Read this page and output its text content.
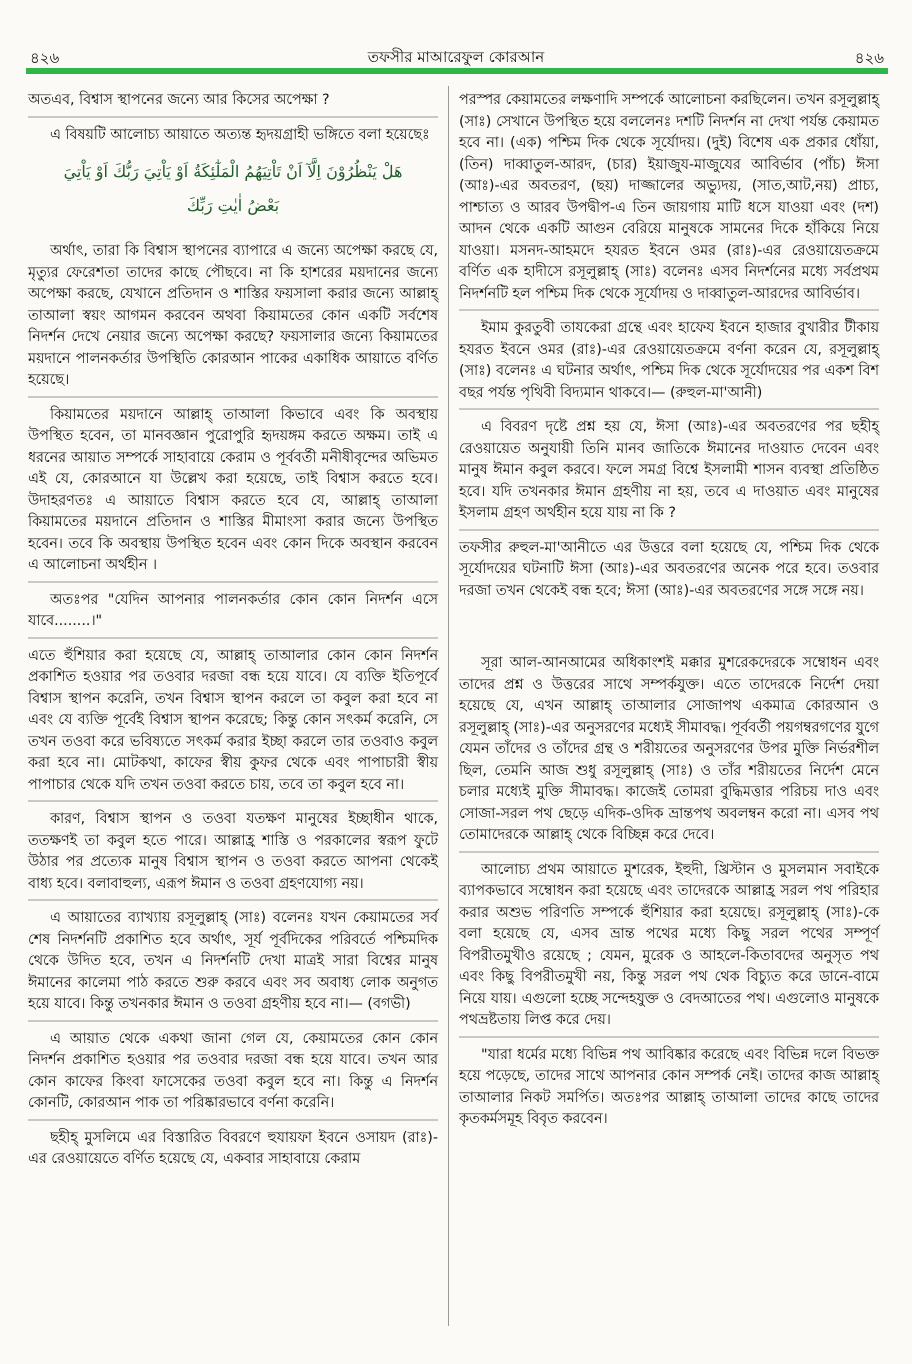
৪২৬	তফসীর মাআরেফুল কোরআন	৪২৬

অতএব, বিশ্বাস স্থাপনের জন্যে আর কিসের অপেক্ষা ?

এ বিষয়টি আলোচ্য আয়াতে অত্যন্ত হৃদয়গ্রাহী ভঙ্গিতে বলা হয়েছেঃ

هَلْ يَنْظُرُوْنَ اِلَّآ اَنْ تَاْتِيَهُمُ الْمَلٰٓئِكَةُ اَوْ يَاْتِيَ رَبُّكَ اَوْ يَاْتِيَ
بَعْضُ اٰيٰتِ رَبِّكَ

অর্থাৎ, তারা কি বিশ্বাস স্থাপনের ব্যাপারে এ জন্যে অপেক্ষা করছে যে, মৃত্যুর ফেরেশতা তাদের কাছে পৌছবে। না কি হাশরের ময়দানের জন্যে অপেক্ষা করছে, যেখানে প্রতিদান ও শাস্তির ফয়সালা করার জন্যে আল্লাহ্ তাআলা স্বয়ং আগমন করবেন অথবা কিয়ামতের কোন একটি সর্বশেষ নিদর্শন দেখে নেয়ার জন্যে অপেক্ষা করছে? ফয়সালার জন্যে কিয়ামতের ময়দানে পালনকর্তার উপস্থিতি কোরআন পাকের একাধিক আয়াতে বর্ণিত হয়েছে।

কিয়ামতের ময়দানে আল্লাহ্ তাআলা কিভাবে এবং কি অবস্থায় উপস্থিত হবেন, তা মানবজ্ঞান পুরোপুরি হৃদয়ঙ্গম করতে অক্ষম। তাই এ ধরনের আয়াত সম্পর্কে সাহাবায়ে কেরাম ও পূর্ববর্তী মনীষীবৃন্দের অভিমত এই যে, কোরআনে যা উল্লেখ করা হয়েছে, তাই বিশ্বাস করতে হবে। উদাহরণতঃ এ আয়াতে বিশ্বাস করতে হবে যে, আল্লাহ্ তাআলা কিয়ামতের ময়দানে প্রতিদান ও শাস্তির মীমাংসা করার জন্যে উপস্থিত হবেন। তবে কি অবস্থায় উপস্থিত হবেন এবং কোন দিকে অবস্থান করবেন এ আলোচনা অর্থহীন ।

অতঃপর "যেদিন আপনার পালনকর্তার কোন কোন নিদর্শন এসে যাবে........।"

এতে হুঁশিয়ার করা হয়েছে যে, আল্লাহ্ তাআলার কোন কোন নিদর্শন প্রকাশিত হওয়ার পর তওবার দরজা বন্ধ হয়ে যাবে। যে ব্যক্তি ইতিপূর্বে বিশ্বাস স্থাপন করেনি, তখন বিশ্বাস স্থাপন করলে তা কবুল করা হবে না এবং যে ব্যক্তি পূর্বেই বিশ্বাস স্থাপন করেছে; কিন্তু কোন সৎকর্ম করেনি, সে তখন তওবা করে ভবিষ্যতে সৎকর্ম করার ইচ্ছা করলে তার তওবাও কবুল করা হবে না। মোটকথা, কাফের স্বীয় কুফর থেকে এবং পাপাচারী স্বীয় পাপাচার থেকে যদি তখন তওবা করতে চায়, তবে তা কবুল হবে না।

কারণ, বিশ্বাস স্থাপন ও তওবা যতক্ষণ মানুষের ইচ্ছাধীন থাকে, ততক্ষণই তা কবুল হতে পারে। আল্লাহ্র শাস্তি ও পরকালের স্বরূপ ফুটে উঠার পর প্রত্যেক মানুষ বিশ্বাস স্থাপন ও তওবা করতে আপনা থেকেই বাধ্য হবে। বলাবাহুল্য, এরূপ ঈমান ও তওবা গ্রহণযোগ্য নয়।

এ আয়াতের ব্যাখ্যায় রসূলুল্লাহ্ (সাঃ) বলেনঃ যখন কেয়ামতের সর্ব শেষ নিদর্শনটি প্রকাশিত হবে অর্থাৎ, সূর্য পূর্বদিকের পরিবর্তে পশ্চিমদিক থেকে উদিত হবে, তখন এ নিদর্শনটি দেখা মাত্রই সারা বিশ্বের মানুষ ঈমানের কালেমা পাঠ করতে শুরু করবে এবং সব অবাধ্য লোক অনুগত হয়ে যাবে। কিন্তু তখনকার ঈমান ও তওবা গ্রহণীয় হবে না।— (বগভী)

এ আয়াত থেকে একথা জানা গেল যে, কেয়ামতের কোন কোন নিদর্শন প্রকাশিত হওয়ার পর তওবার দরজা বন্ধ হয়ে যাবে। তখন আর কোন কাফের কিংবা ফাসেকের তওবা কবুল হবে না। কিন্তু এ নিদর্শন কোনটি, কোরআন পাক তা পরিষ্কারভাবে বর্ণনা করেনি।

ছহীহ্ মুসলিমে এর বিস্তারিত বিবরণে হুযায়ফা ইবনে ওসায়দ (রাঃ)-এর রেওয়ায়েতে বর্ণিত হয়েছে যে, একবার সাহাবায়ে কেরাম

পরস্পর কেয়ামতের লক্ষণাদি সম্পর্কে আলোচনা করছিলেন। তখন রসূলুল্লাহ্ (সাঃ) সেখানে উপস্থিত হয়ে বললেনঃ দশটি নিদর্শন না দেখা পর্যন্ত কেয়ামত হবে না। (এক) পশ্চিম দিক থেকে সূর্যোদয়। (দুই) বিশেষ এক প্রকার ধোঁয়া, (তিন) দাব্বাতুল-আরদ, (চার) ইয়াজুয-মাজুযের আবির্ভাব (পাঁচ) ঈসা (আঃ)-এর অবতরণ, (ছয়) দাজ্জালের অভ্যুদয়, (সাত,আট,নয়) প্রাচ্য, পাশ্চাত্য ও আরব উপদ্বীপ-এ তিন জায়গায় মাটি ধসে যাওয়া এবং (দশ) আদন থেকে একটি আগুন বেরিয়ে মানুষকে সামনের দিকে হাঁকিয়ে নিয়ে যাওয়া। মসনদ-আহমদে হযরত ইবনে ওমর (রাঃ)-এর রেওয়ায়েতক্রমে বর্ণিত এক হাদীসে রসূলুল্লাহ্ (সাঃ) বলেনঃ এসব নিদর্শনের মধ্যে সর্বপ্রথম নিদর্শনটি হল পশ্চিম দিক থেকে সূর্যোদয় ও দাব্বাতুল-আরদের আবির্ভাব।

ইমাম কুরতুবী তাযকেরা গ্রন্থে এবং হাফেয ইবনে হাজার বুখারীর টীকায় হযরত ইবনে ওমর (রাঃ)-এর রেওয়ায়েতক্রমে বর্ণনা করেন যে, রসূলুল্লাহ্ (সাঃ) বলেনঃ এ ঘটনার অর্থাৎ, পশ্চিম দিক থেকে সূর্যোদয়ের পর একশ বিশ বছর পর্যন্ত পৃথিবী বিদ্যমান থাকবে।— (রুহুল-মা'আনী)

এ বিবরণ দৃষ্টে প্রশ্ন হয় যে, ঈসা (আঃ)-এর অবতরণের পর ছহীহ্ রেওয়ায়েত অনুযায়ী তিনি মানব জাতিকে ঈমানের দাওয়াত দেবেন এবং মানুষ ঈমান কবুল করবে। ফলে সমগ্র বিশ্বে ইসলামী শাসন ব্যবস্থা প্রতিষ্ঠিত হবে। যদি তখনকার ঈমান গ্রহণীয় না হয়, তবে এ দাওয়াত এবং মানুষের ইসলাম গ্রহণ অর্থহীন হয়ে যায় না কি ?

তফসীর রুহুল-মা'আনীতে এর উত্তরে বলা হয়েছে যে, পশ্চিম দিক থেকে সূর্যোদয়ের ঘটনাটি ঈসা (আঃ)-এর অবতরণের অনেক পরে হবে। তওবার দরজা তখন থেকেই বন্ধ হবে; ঈসা (আঃ)-এর অবতরণের সঙ্গে সঙ্গে নয়।

সূরা আল-আনআমের অধিকাংশই মক্কার মুশরেকদেরকে সম্বোধন এবং তাদের প্রশ্ন ও উত্তরের সাথে সম্পর্কযুক্ত। এতে তাদেরকে নির্দেশ দেয়া হয়েছে যে, এখন আল্লাহ্ তাআলার সোজাপথ একমাত্র কোরআন ও রসূলুল্লাহ্ (সাঃ)-এর অনুসরণের মধ্যেই সীমাবদ্ধ। পূর্ববর্তী পয়গম্বরগণের যুগে যেমন তাঁদের ও তাঁদের গ্রন্থ ও শরীয়তের অনুসরণের উপর মুক্তি নির্ভরশীল ছিল, তেমনি আজ শুধু রসূলুল্লাহ্ (সাঃ) ও তাঁর শরীয়তের নির্দেশ মেনে চলার মধ্যেই মুক্তি সীমাবদ্ধ। কাজেই তোমরা বুদ্ধিমত্তার পরিচয় দাও এবং সোজা-সরল পথ ছেড়ে এদিক-ওদিক ভ্রান্তপথ অবলম্বন করো না। এসব পথ তোমাদেরকে আল্লাহ্ থেকে বিচ্ছিন্ন করে দেবে।

আলোচ্য প্রথম আয়াতে মুশরেক, ইহুদী, খ্রিস্টান ও মুসলমান সবাইকে ব্যাপকভাবে সম্বোধন করা হয়েছে এবং তাদেরকে আল্লাহ্র সরল পথ পরিহার করার অশুভ পরিণতি সম্পর্কে হুঁশিয়ার করা হয়েছে। রসূলুল্লাহ্ (সাঃ)-কে বলা হয়েছে যে, এসব ভ্রান্ত পথের মধ্যে কিছু সরল পথের সম্পূর্ণ বিপরীতমুখীও রয়েছে ; যেমন, মুরেক ও আহলে-কিতাবদের অনুসৃত পথ এবং কিছু বিপরীতমুখী নয়, কিন্তু সরল পথ থেক বিচ্যুত করে ডানে-বামে নিয়ে যায়। এগুলো হচ্ছে সন্দেহযুক্ত ও বেদআতের পথ। এগুলোও মানুষকে পথভ্রষ্টতায় লিপ্ত করে দেয়।

"যারা ধর্মের মধ্যে বিভিন্ন পথ আবিষ্কার করেছে এবং বিভিন্ন দলে বিভক্ত হয়ে পড়েছে, তাদের সাথে আপনার কোন সম্পর্ক নেই। তাদের কাজ আল্লাহ্ তাআলার নিকট সমর্পিত। অতঃপর আল্লাহ্ তাআলা তাদের কাছে তাদের কৃতকর্মসমূহ বিবৃত করবেন।
